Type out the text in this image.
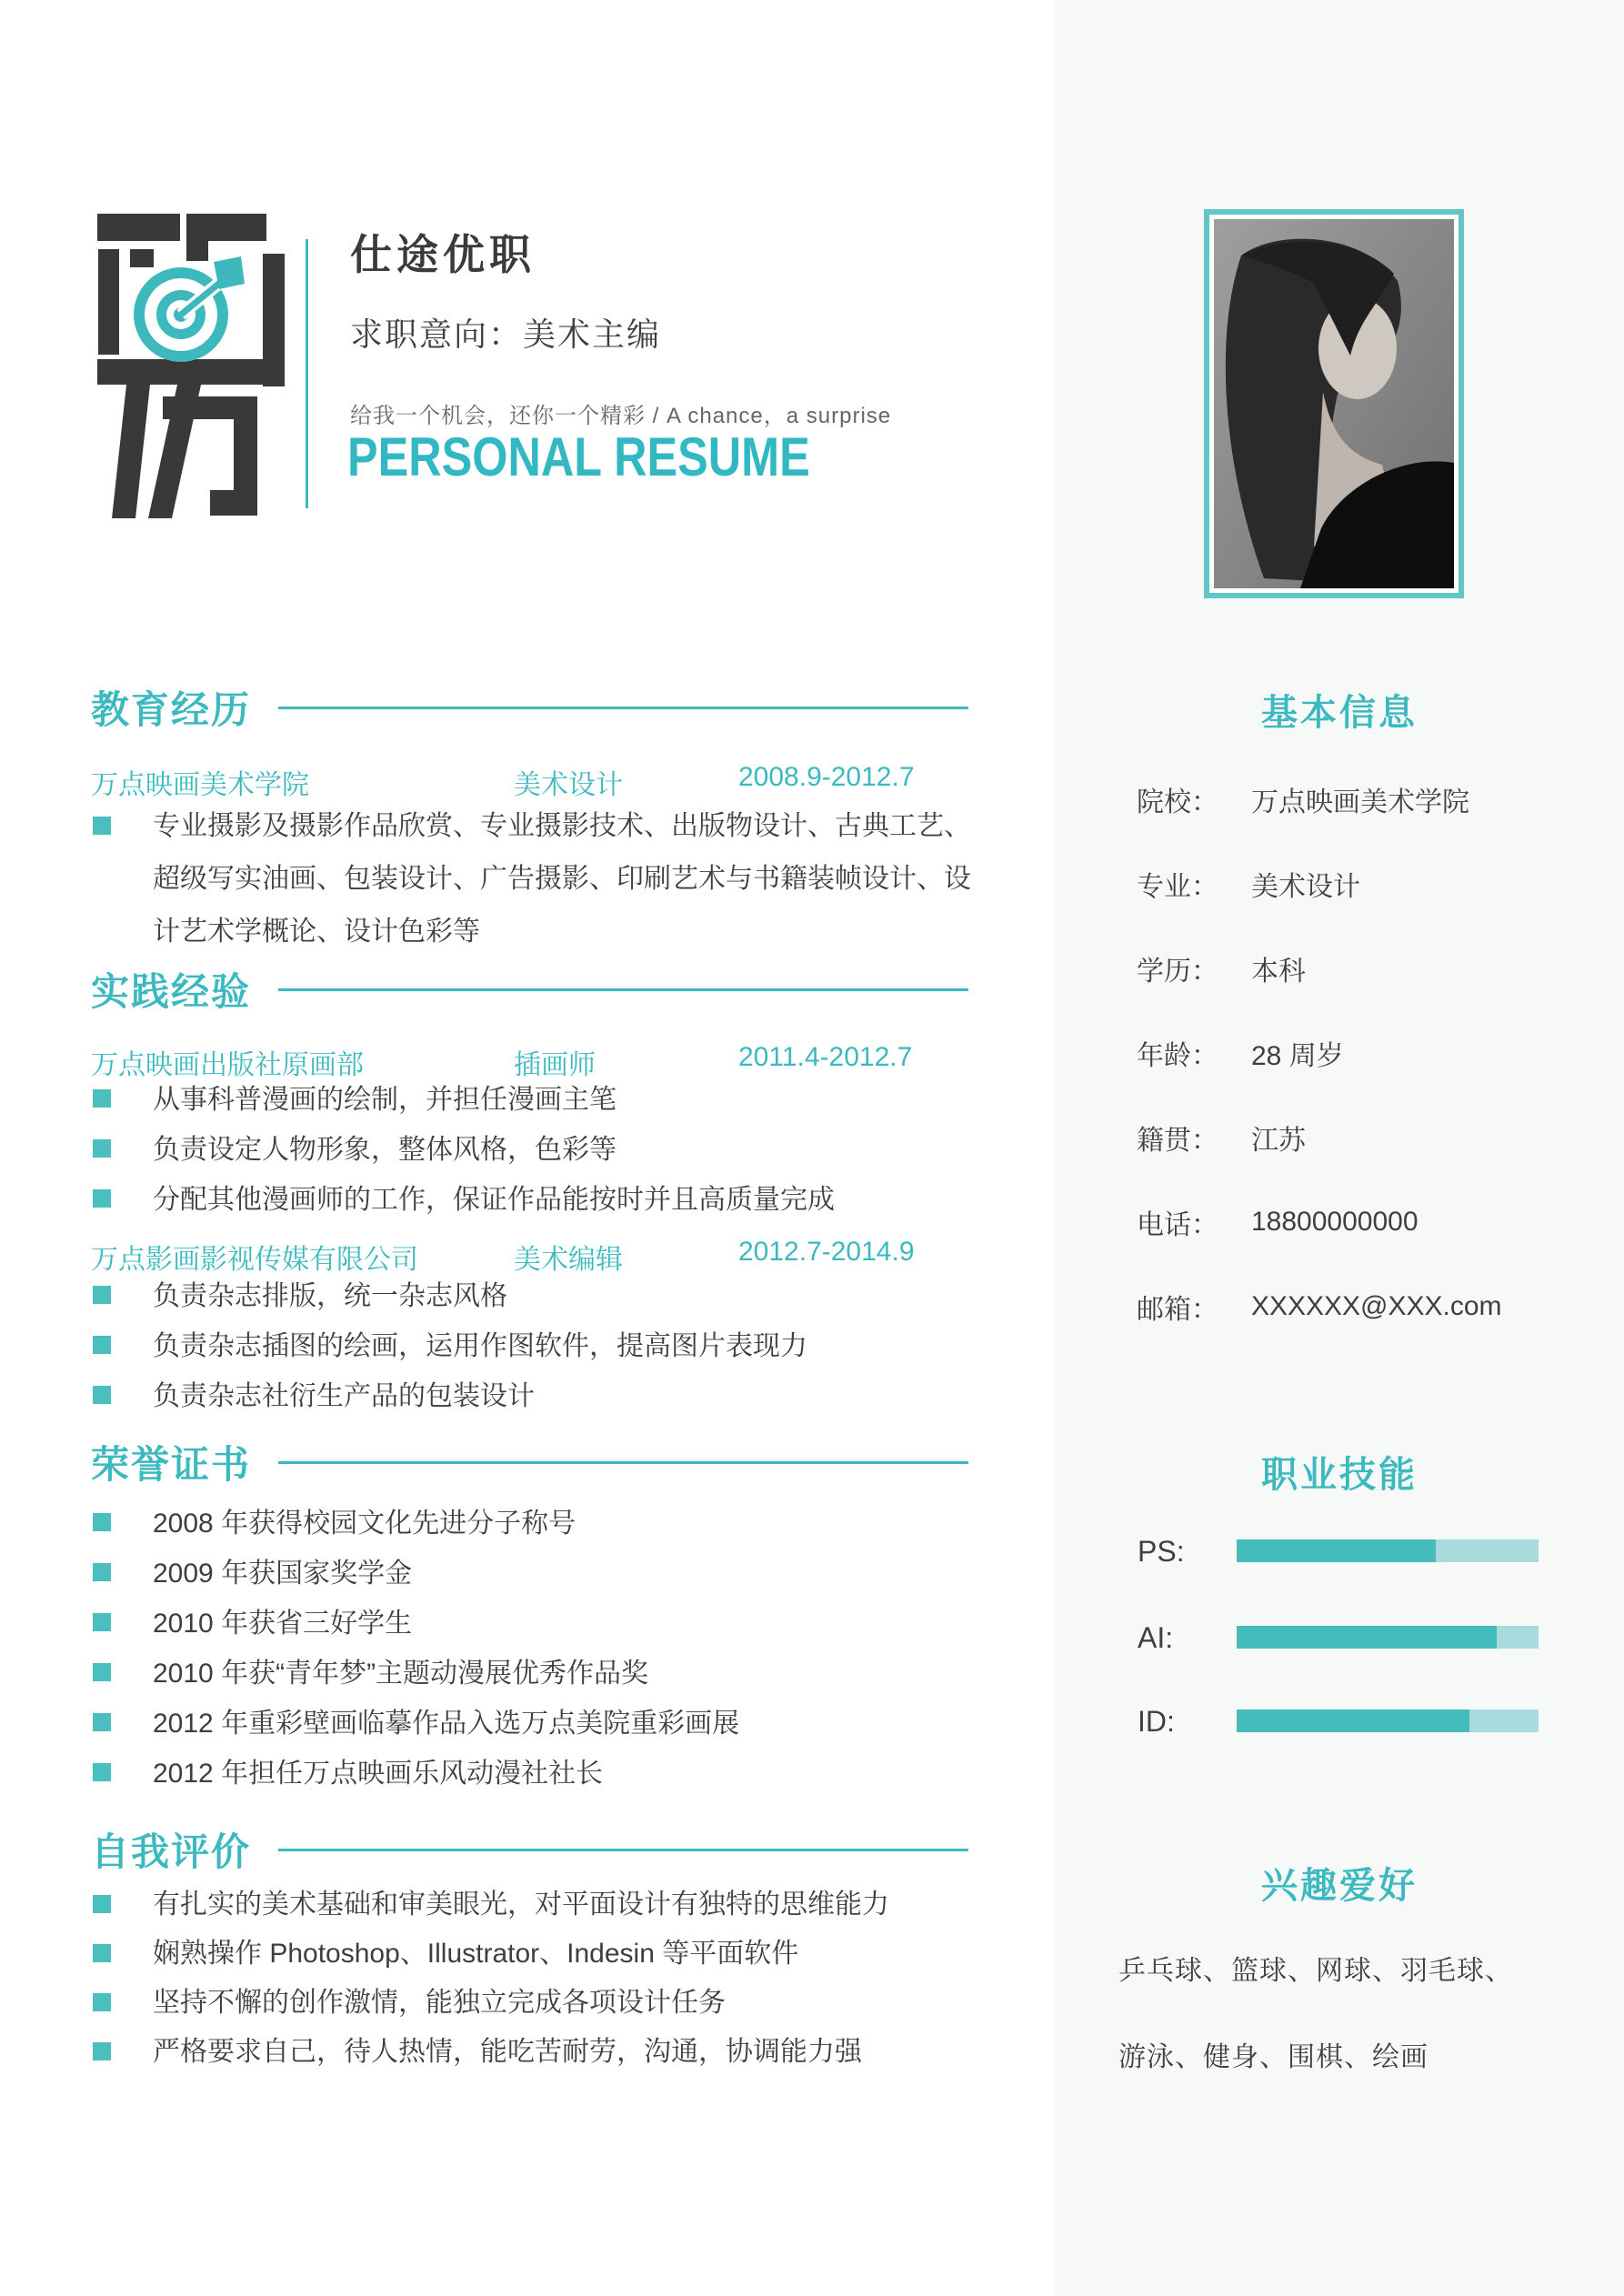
仕途优职
求职意向：美术主编
给我一个机会，还你一个精彩 / A chance，a surprise
PERSONAL RESUME
教育经历
万点映画美术学院	美术设计	2008.9-2012.7
专业摄影及摄影作品欣赏、专业摄影技术、出版物设计、古典工艺、超级写实油画、包装设计、广告摄影、印刷艺术与书籍装帧设计、设计艺术学概论、设计色彩等
实践经验
万点映画出版社原画部	插画师	2011.4-2012.7
从事科普漫画的绘制，并担任漫画主笔
负责设定人物形象，整体风格，色彩等
分配其他漫画师的工作，保证作品能按时并且高质量完成
万点影画影视传媒有限公司	美术编辑	2012.7-2014.9
负责杂志排版，统一杂志风格
负责杂志插图的绘画，运用作图软件，提高图片表现力
负责杂志社衍生产品的包装设计
荣誉证书
2008 年获得校园文化先进分子称号
2009 年获国家奖学金
2010 年获省三好学生
2010 年获“青年梦”主题动漫展优秀作品奖
2012 年重彩壁画临摹作品入选万点美院重彩画展
2012 年担任万点映画乐风动漫社社长
自我评价
有扎实的美术基础和审美眼光，对平面设计有独特的思维能力
娴熟操作 Photoshop、Illustrator、Indesin 等平面软件
坚持不懈的创作激情，能独立完成各项设计任务
严格要求自己，待人热情，能吃苦耐劳，沟通，协调能力强
基本信息
院校：	万点映画美术学院
专业：	美术设计
学历：	本科
年龄：	28 周岁
籍贯：	江苏
电话：	18800000000
邮箱：	XXXXXX@XXX.com
职业技能
PS:
AI:
ID:
兴趣爱好
乒乓球、篮球、网球、羽毛球、
游泳、健身、围棋、绘画
